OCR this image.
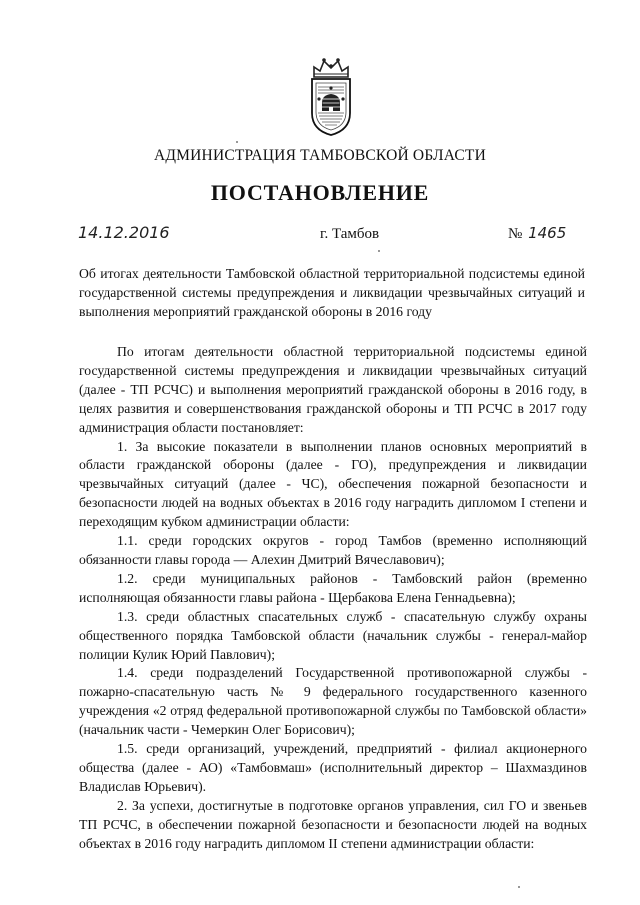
АДМИНИСТРАЦИЯ ТАМБОВСКОЙ ОБЛАСТИ
ПОСТАНОВЛЕНИЕ
14.12.2016	г. Тамбов	№ 1465
Об итогах деятельности Тамбовской областной территориальной подсистемы единой государственной системы предупреждения и ликвидации чрезвычайных ситуаций и выполнения мероприятий гражданской обороны в 2016 году

По итогам деятельности областной территориальной подсистемы единой государственной системы предупреждения и ликвидации чрезвычайных ситуаций (далее - ТП РСЧС) и выполнения мероприятий гражданской обороны в 2016 году, в целях развития и совершенствования гражданской обороны и ТП РСЧС в 2017 году администрация области постановляет:

1. За высокие показатели в выполнении планов основных мероприятий в области гражданской обороны (далее - ГО), предупреждения и ликвидации чрезвычайных ситуаций (далее - ЧС), обеспечения пожарной безопасности и безопасности людей на водных объектах в 2016 году наградить дипломом I степени и переходящим кубком администрации области:

1.1. среди городских округов - город Тамбов (временно исполняющий обязанности главы города — Алехин Дмитрий Вячеславович);

1.2. среди муниципальных районов - Тамбовский район (временно исполняющая обязанности главы района - Щербакова Елена Геннадьевна);

1.3. среди областных спасательных служб - спасательную службу охраны общественного порядка Тамбовской области (начальник службы - генерал-майор полиции Кулик Юрий Павлович);

1.4. среди подразделений Государственной противопожарной службы - пожарно-спасательную часть № 9 федерального государственного казенного учреждения «2 отряд федеральной противопожарной службы по Тамбовской области» (начальник части - Чемеркин Олег Борисович);

1.5. среди организаций, учреждений, предприятий - филиал акционерного общества (далее - АО) «Тамбовмаш» (исполнительный директор – Шахмаздинов Владислав Юрьевич).

2. За успехи, достигнутые в подготовке органов управления, сил ГО и звеньев ТП РСЧС, в обеспечении пожарной безопасности и безопасности людей на водных объектах в 2016 году наградить дипломом II степени администрации области:
